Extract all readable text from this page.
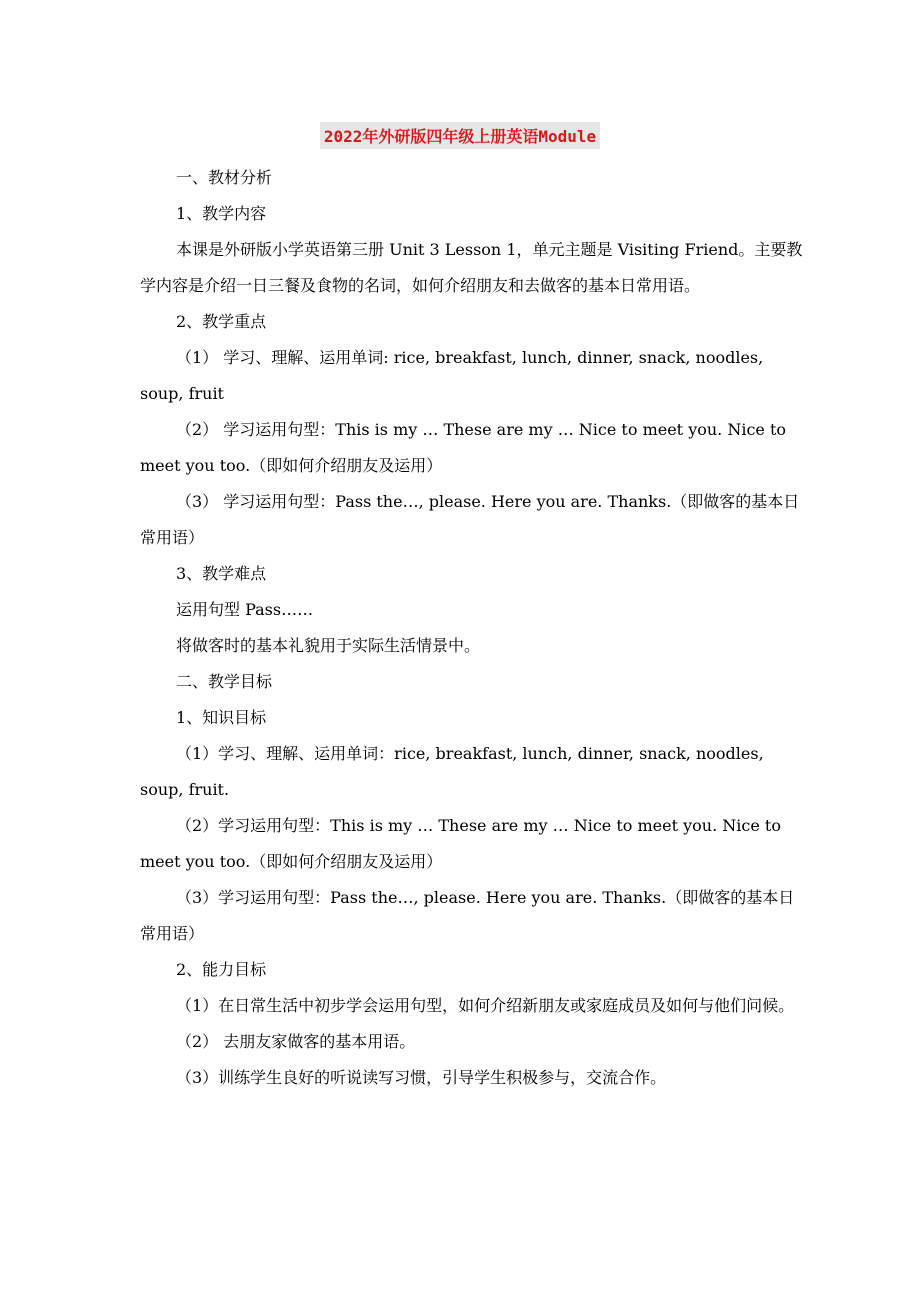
2022年外研版四年级上册英语Module

一、教材分析

1、教学内容

本课是外研版小学英语第三册 Unit 3 Lesson 1，单元主题是 Visiting Friend。主要教学内容是介绍一日三餐及食物的名词，如何介绍朋友和去做客的基本日常用语。

2、教学重点

（1） 学习、理解、运用单词: rice, breakfast, lunch, dinner, snack, noodles, soup, fruit

（2） 学习运用句型：This is my … These are my … Nice to meet you. Nice to meet you too.（即如何介绍朋友及运用）

（3） 学习运用句型：Pass the…, please. Here you are. Thanks.（即做客的基本日常用语）

3、教学难点

运用句型 Pass……

将做客时的基本礼貌用于实际生活情景中。

二、教学目标

1、知识目标

（1）学习、理解、运用单词：rice, breakfast, lunch, dinner, snack, noodles, soup, fruit.

（2）学习运用句型：This is my … These are my … Nice to meet you. Nice to meet you too.（即如何介绍朋友及运用）

（3）学习运用句型：Pass the…, please. Here you are. Thanks.（即做客的基本日常用语）

2、能力目标

（1）在日常生活中初步学会运用句型，如何介绍新朋友或家庭成员及如何与他们问候。

（2） 去朋友家做客的基本用语。

（3）训练学生良好的听说读写习惯，引导学生积极参与，交流合作。
